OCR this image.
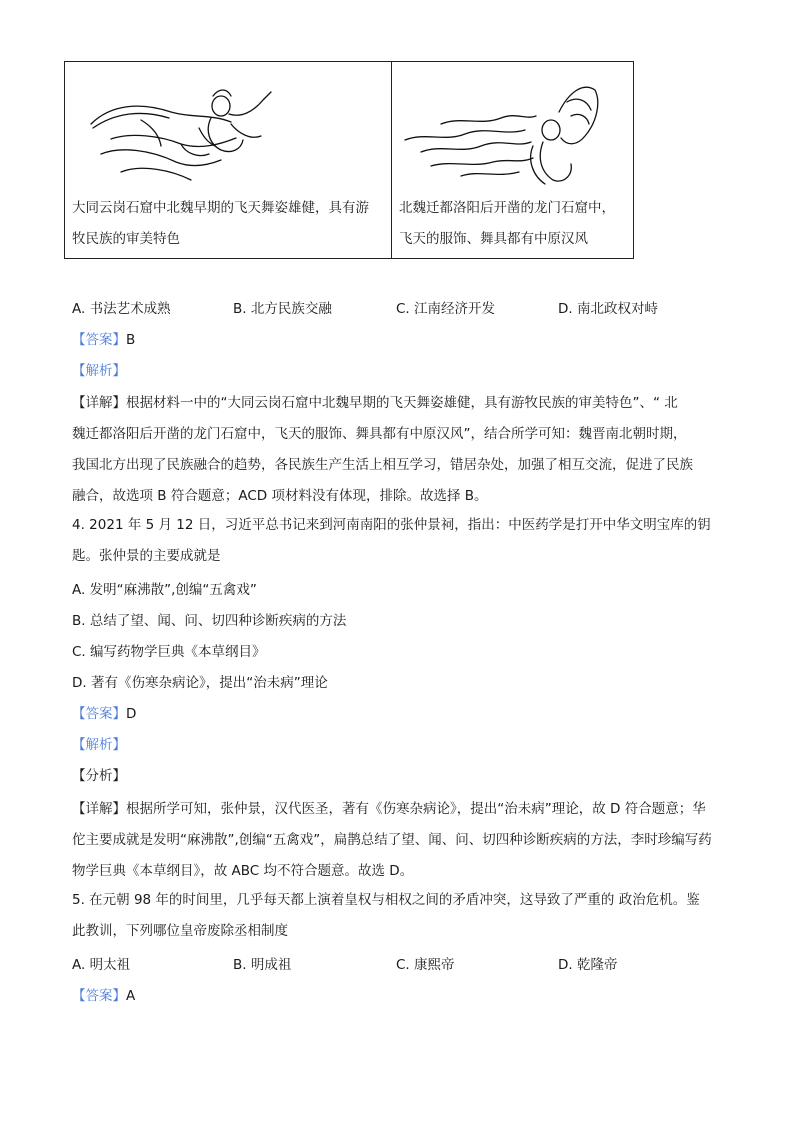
大同云岗石窟中北魏早期的飞天舞姿雄健，具有游
牧民族的审美特色
北魏迁都洛阳后开凿的龙门石窟中，
飞天的服饰、舞具都有中原汉风
A. 书法艺术成熟	B. 北方民族交融	C. 江南经济开发	D. 南北政权对峙
【答案】B
【解析】
【详解】根据材料一中的“大同云岗石窟中北魏早期的飞天舞姿雄健，具有游牧民族的审美特色”、“ 北
魏迁都洛阳后开凿的龙门石窟中，飞天的服饰、舞具都有中原汉风”，结合所学可知：魏晋南北朝时期，
我国北方出现了民族融合的趋势，各民族生产生活上相互学习，错居杂处，加强了相互交流，促进了民族
融合，故选项 B 符合题意；ACD 项材料没有体现，排除。故选择 B。
4. 2021 年 5 月 12 日，习近平总书记来到河南南阳的张仲景祠，指出：中医药学是打开中华文明宝库的钥
匙。张仲景的主要成就是
A. 发明“麻沸散”,创编“五禽戏”
B. 总结了望、闻、问、切四种诊断疾病的方法
C. 编写药物学巨典《本草纲目》
D. 著有《伤寒杂病论》，提出“治未病”理论
【答案】D
【解析】
【分析】
【详解】根据所学可知，张仲景，汉代医圣，著有《伤寒杂病论》，提出“治未病”理论，故 D 符合题意；华
佗主要成就是发明“麻沸散”,创编“五禽戏”，扁鹊总结了望、闻、问、切四种诊断疾病的方法，李时珍编写药
物学巨典《本草纲目》，故 ABC 均不符合题意。故选 D。
5. 在元朝 98 年的时间里，几乎每天都上演着皇权与相权之间的矛盾冲突，这导致了严重的 政治危机。鉴
此教训，下列哪位皇帝废除丞相制度
A. 明太祖	B. 明成祖	C. 康熙帝	D. 乾隆帝
【答案】A
